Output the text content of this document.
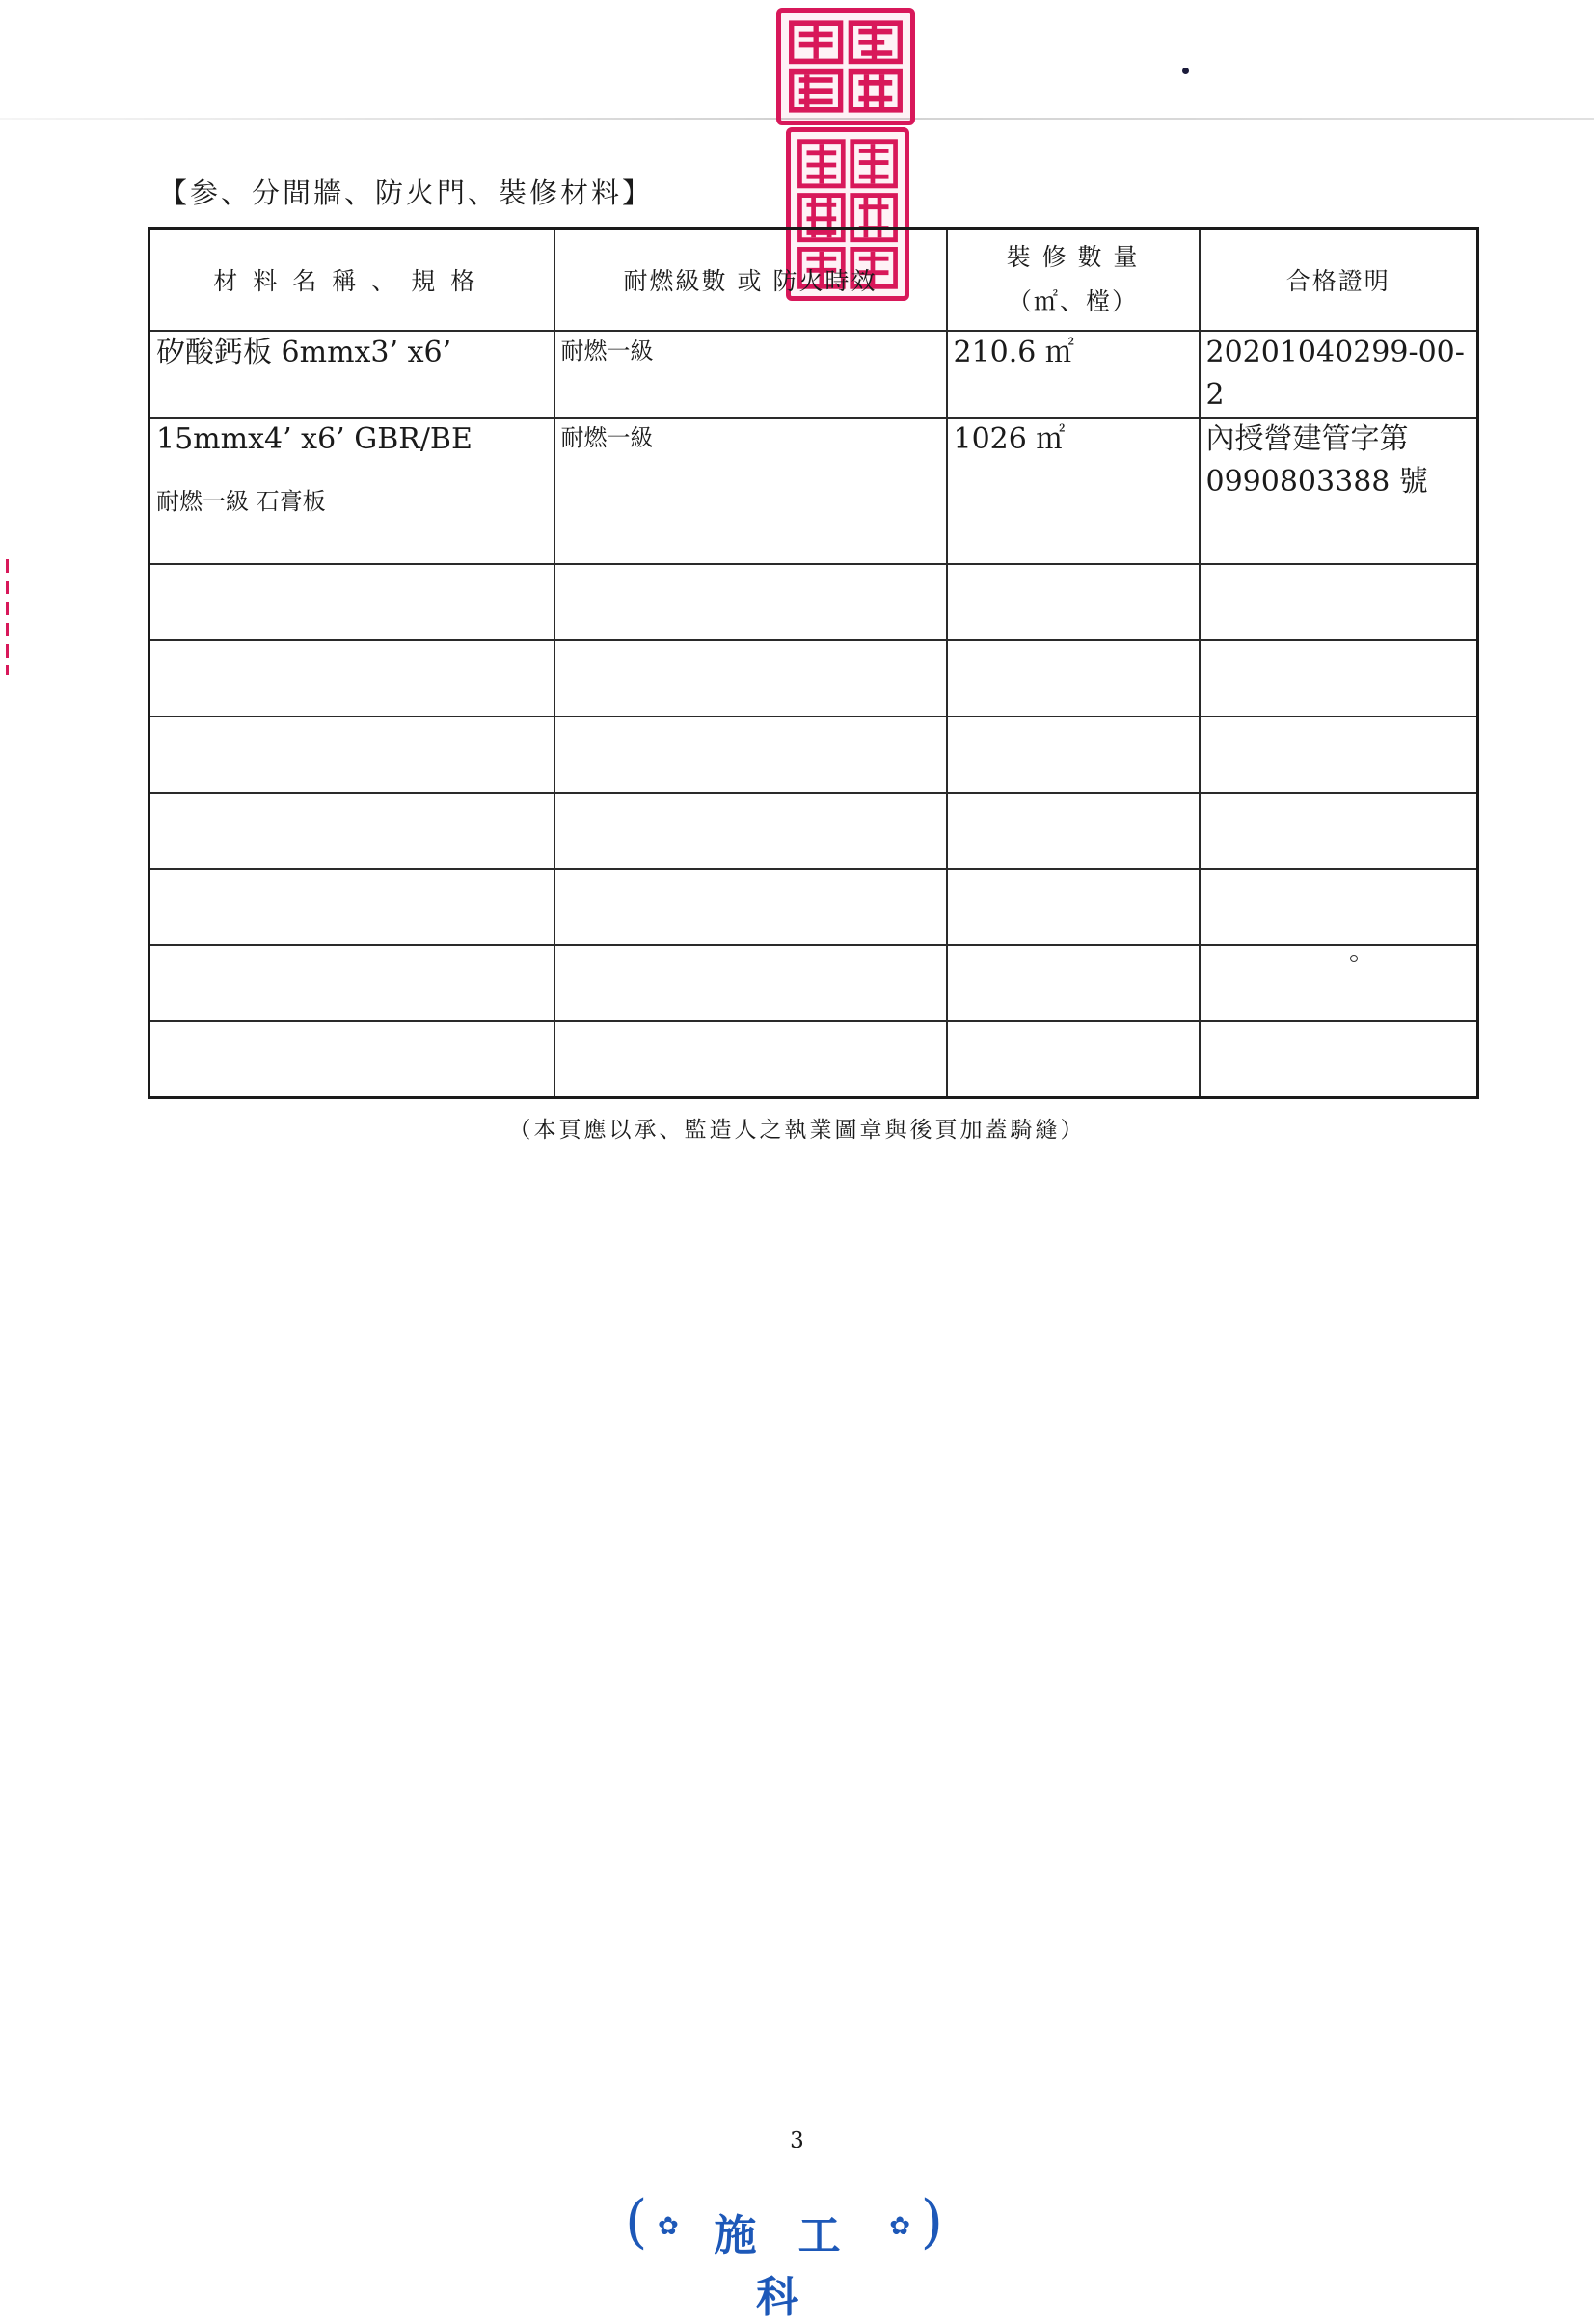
【参、分間牆、防火門、裝修材料】
材料名稱、規格	耐燃級數 或 防火時效	裝 修 數 量
（㎡、樘）	合格證明
矽酸鈣板 6mmx3’ x6’	耐燃一級	210.6 ㎡	20201040299-00-2

15mmx4’ x6’ GBR/BE
耐燃一級 石膏板	耐燃一級	1026 ㎡	內授營建管字第
0990803388 號

（本頁應以承、監造人之執業圖章與後頁加蓋騎縫）
3
( ✿ 施 工 科
✿ )
